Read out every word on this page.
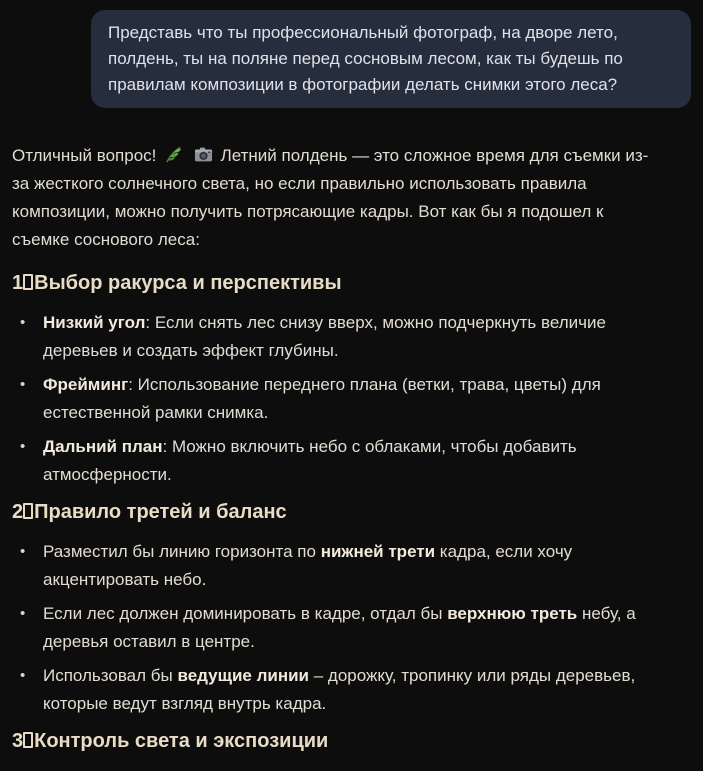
Представь что ты профессиональный фотограф, на дворе лето, полдень, ты на поляне перед сосновым лесом, как ты будешь по правилам композиции в фотографии делать снимки этого леса?

Отличный вопрос!	Летний полдень — это сложное время для съемки из-за жесткого солнечного света, но если правильно использовать правила композиции, можно получить потрясающие кадры. Вот как бы я подошел к съемке соснового леса:

1 Выбор ракурса и перспективы
• Низкий угол: Если снять лес снизу вверх, можно подчеркнуть величие деревьев и создать эффект глубины.
• Фрейминг: Использование переднего плана (ветки, трава, цветы) для естественной рамки снимка.
• Дальний план: Можно включить небо с облаками, чтобы добавить атмосферности.
2 Правило третей и баланс
• Разместил бы линию горизонта по нижней трети кадра, если хочу акцентировать небо.
• Если лес должен доминировать в кадре, отдал бы верхнюю треть небу, а деревья оставил в центре.
• Использовал бы ведущие линии – дорожку, тропинку или ряды деревьев, которые ведут взгляд внутрь кадра.
3 Контроль света и экспозиции
